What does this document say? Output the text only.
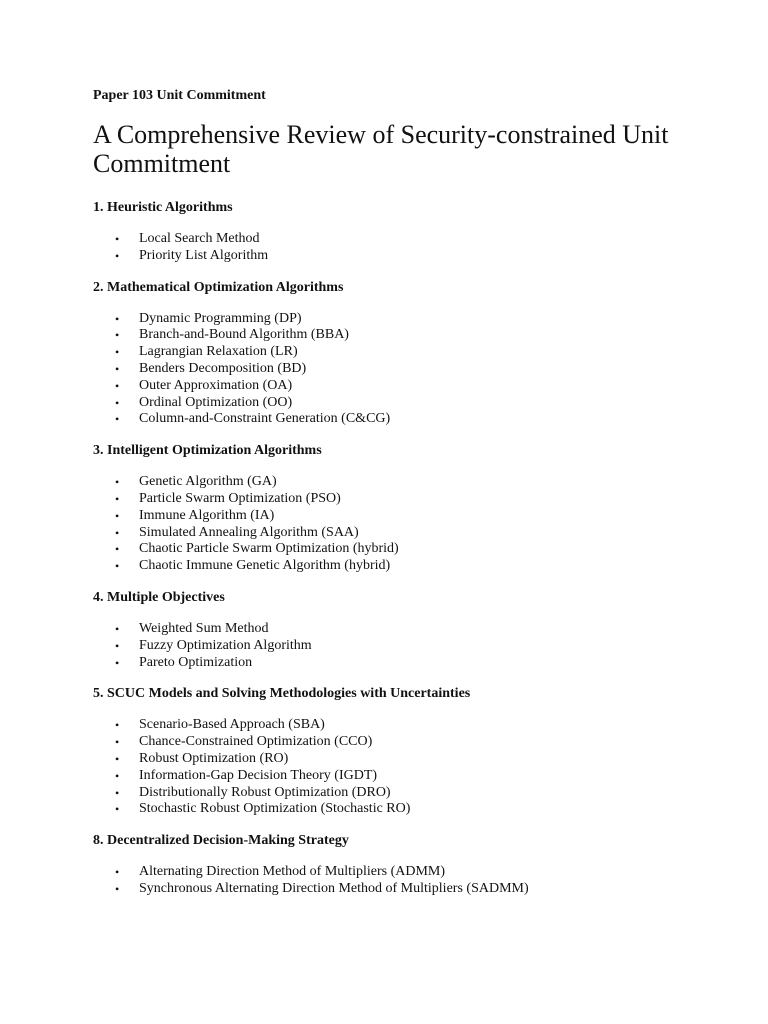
Paper 103 Unit Commitment

A Comprehensive Review of Security-constrained Unit Commitment

1. Heuristic Algorithms

• Local Search Method
• Priority List Algorithm

2. Mathematical Optimization Algorithms

• Dynamic Programming (DP)
• Branch-and-Bound Algorithm (BBA)
• Lagrangian Relaxation (LR)
• Benders Decomposition (BD)
• Outer Approximation (OA)
• Ordinal Optimization (OO)
• Column-and-Constraint Generation (C&CG)

3. Intelligent Optimization Algorithms

• Genetic Algorithm (GA)
• Particle Swarm Optimization (PSO)
• Immune Algorithm (IA)
• Simulated Annealing Algorithm (SAA)
• Chaotic Particle Swarm Optimization (hybrid)
• Chaotic Immune Genetic Algorithm (hybrid)

4. Multiple Objectives

• Weighted Sum Method
• Fuzzy Optimization Algorithm
• Pareto Optimization

5. SCUC Models and Solving Methodologies with Uncertainties

• Scenario-Based Approach (SBA)
• Chance-Constrained Optimization (CCO)
• Robust Optimization (RO)
• Information-Gap Decision Theory (IGDT)
• Distributionally Robust Optimization (DRO)
• Stochastic Robust Optimization (Stochastic RO)

8. Decentralized Decision-Making Strategy

• Alternating Direction Method of Multipliers (ADMM)
• Synchronous Alternating Direction Method of Multipliers (SADMM)
